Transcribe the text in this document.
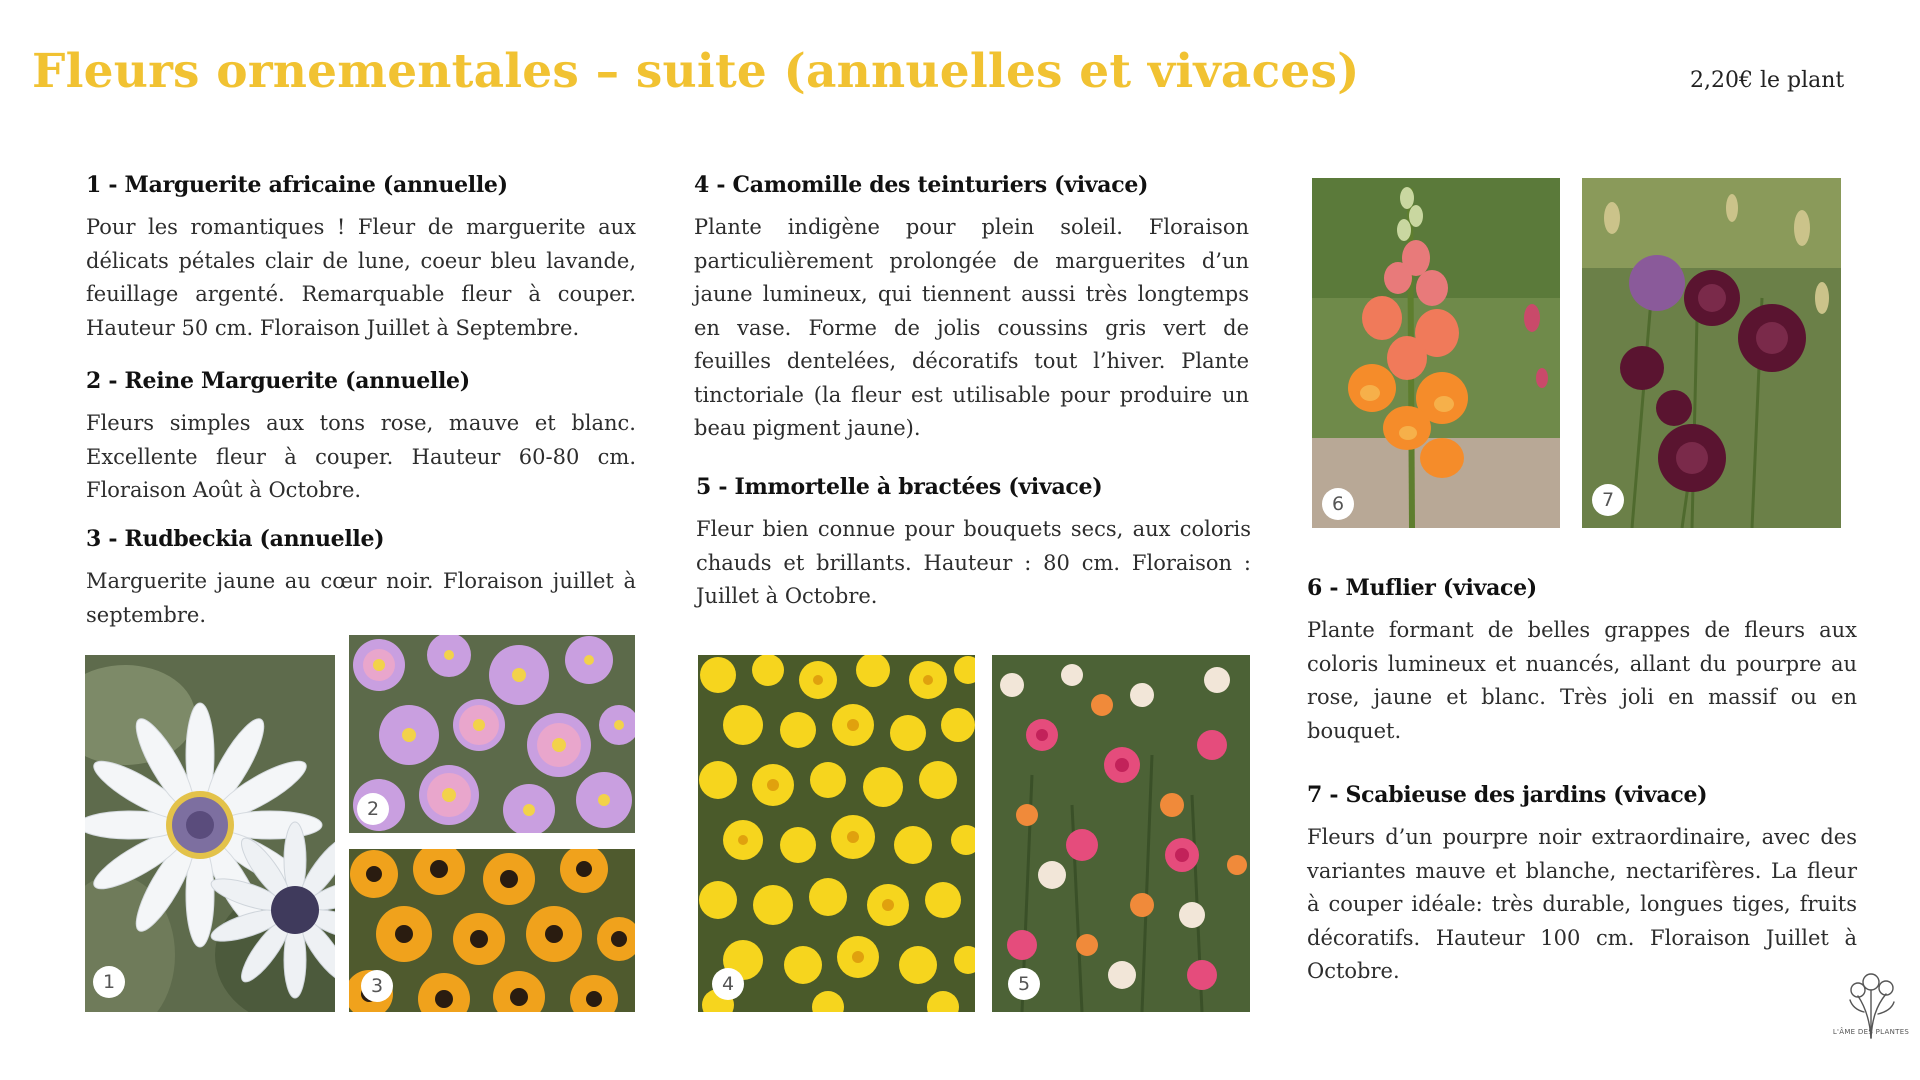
Fleurs ornementales – suite (annuelles et vivaces)	2,20€ le plant
1 - Marguerite africaine (annuelle)

Pour les romantiques ! Fleur de marguerite aux délicats pétales clair de lune, coeur bleu lavande, feuillage argenté. Remarquable fleur à couper. Hauteur 50 cm. Floraison Juillet à Septembre.

2 - Reine Marguerite (annuelle)

Fleurs simples aux tons rose, mauve et blanc. Excellente fleur à couper. Hauteur 60-80 cm. Floraison Août à Octobre.

3 - Rudbeckia (annuelle)

Marguerite jaune au cœur noir. Floraison juillet à septembre.

4 - Camomille des teinturiers (vivace)

Plante indigène pour plein soleil. Floraison particulièrement prolongée de marguerites d’un jaune lumineux, qui tiennent aussi très longtemps en vase. Forme de jolis coussins gris vert de feuilles dentelées, décoratifs tout l’hiver. Plante tinctoriale (la fleur est utilisable pour produire un beau pigment jaune).

5 - Immortelle à bractées (vivace)

Fleur bien connue pour bouquets secs, aux coloris chauds et brillants. Hauteur : 80 cm. Floraison : Juillet à Octobre.	6 - Muflier (vivace)

Plante formant de belles grappes de fleurs aux coloris lumineux et nuancés, allant du pourpre au rose, jaune et blanc. Très joli en massif ou en bouquet.

7 - Scabieuse des jardins (vivace)

Fleurs d’un pourpre noir extraordinaire, avec des variantes mauve et blanche, nectarifères. La fleur à couper idéale: très durable, longues tiges, fruits décoratifs. Hauteur 100 cm. Floraison Juillet à Octobre.

1
2
3	4	5
6	7
L'ÂME DES PLANTES
